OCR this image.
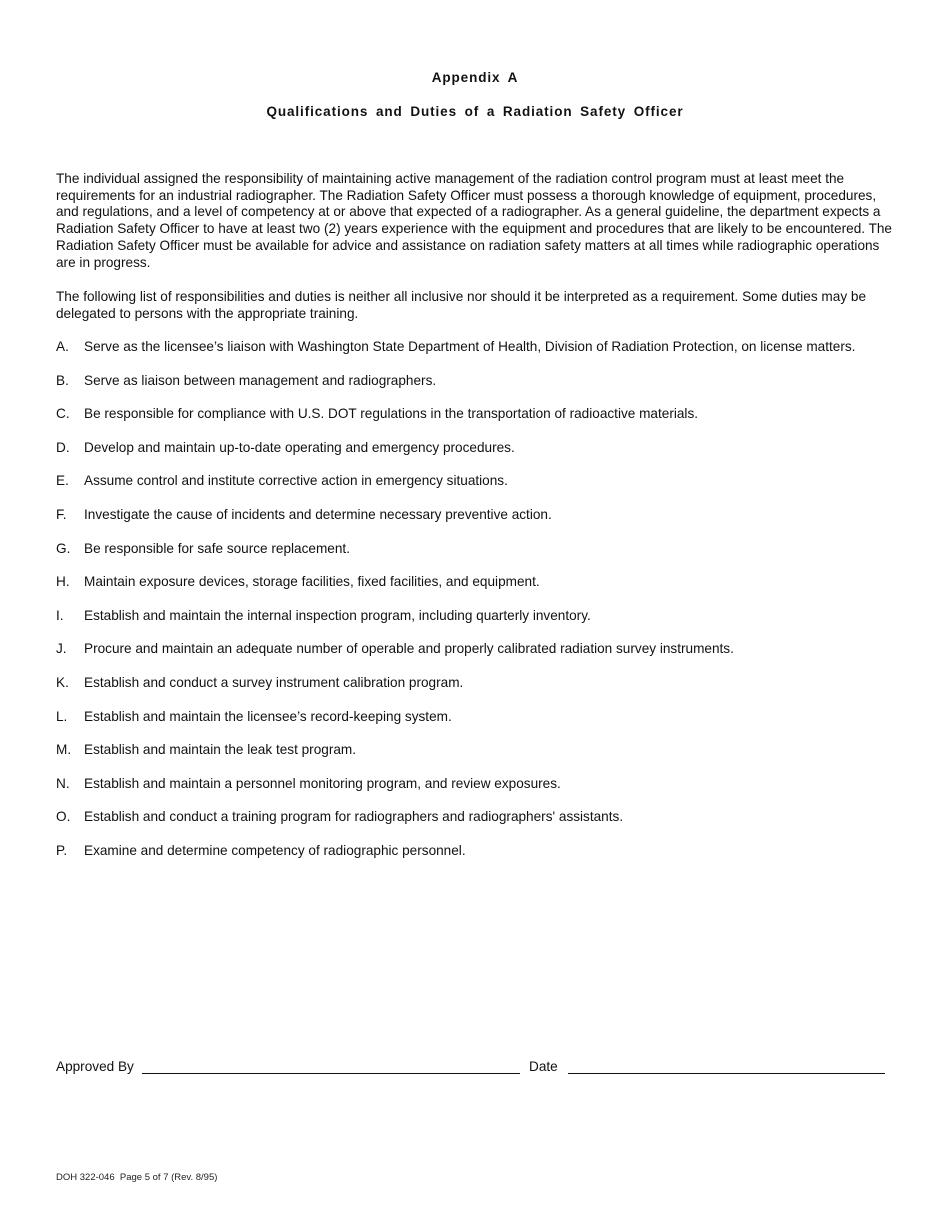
Appendix A
Qualifications and Duties of a Radiation Safety Officer
The individual assigned the responsibility of maintaining active management of the radiation control program must at least meet the requirements for an industrial radiographer. The Radiation Safety Officer must possess a thorough knowledge of equipment, procedures, and regulations, and a level of competency at or above that expected of a radiographer. As a general guideline, the department expects a Radiation Safety Officer to have at least two (2) years experience with the equipment and procedures that are likely to be encountered. The Radiation Safety Officer must be available for advice and assistance on radiation safety matters at all times while radiographic operations are in progress.
The following list of responsibilities and duties is neither all inclusive nor should it be interpreted as a requirement. Some duties may be delegated to persons with the appropriate training.
A. Serve as the licensee’s liaison with Washington State Department of Health, Division of Radiation Protection, on license matters.
B. Serve as liaison between management and radiographers.
C. Be responsible for compliance with U.S. DOT regulations in the transportation of radioactive materials.
D. Develop and maintain up-to-date operating and emergency procedures.
E. Assume control and institute corrective action in emergency situations.
F. Investigate the cause of incidents and determine necessary preventive action.
G. Be responsible for safe source replacement.
H. Maintain exposure devices, storage facilities, fixed facilities, and equipment.
I. Establish and maintain the internal inspection program, including quarterly inventory.
J. Procure and maintain an adequate number of operable and properly calibrated radiation survey instruments.
K. Establish and conduct a survey instrument calibration program.
L. Establish and maintain the licensee’s record-keeping system.
M. Establish and maintain the leak test program.
N. Establish and maintain a personnel monitoring program, and review exposures.
O. Establish and conduct a training program for radiographers and radiographers' assistants.
P. Examine and determine competency of radiographic personnel.
Approved By	Date
DOH 322-046  Page 5 of 7 (Rev. 8/95)
